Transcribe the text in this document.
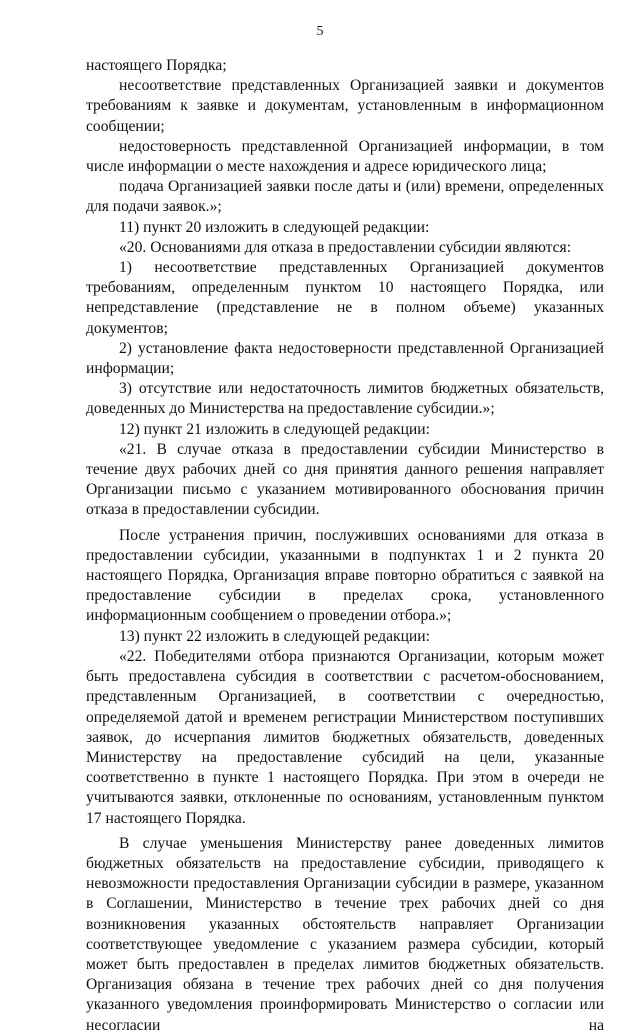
5

настоящего Порядка;

несоответствие представленных Организацией заявки и документов требованиям к заявке и документам, установленным в информационном сообщении;

недостоверность представленной Организацией информации, в том числе информации о месте нахождения и адресе юридического лица;

подача Организацией заявки после даты и (или) времени, определенных для подачи заявок.»;

11) пункт 20 изложить в следующей редакции:

«20. Основаниями для отказа в предоставлении субсидии являются:

1) несоответствие представленных Организацией документов требованиям, определенным пунктом 10 настоящего Порядка, или непредставление (представление не в полном объеме) указанных документов;

2) установление факта недостоверности представленной Организацией информации;

3) отсутствие или недостаточность лимитов бюджетных обязательств, доведенных до Министерства на предоставление субсидии.»;

12) пункт 21 изложить в следующей редакции:

«21. В случае отказа в предоставлении субсидии Министерство в течение двух рабочих дней со дня принятия данного решения направляет Организации письмо с указанием мотивированного обоснования причин отказа в предоставлении субсидии.

После устранения причин, послуживших основаниями для отказа в предоставлении субсидии, указанными в подпунктах 1 и 2 пункта 20 настоящего Порядка, Организация вправе повторно обратиться с заявкой на предоставление субсидии в пределах срока, установленного информационным сообщением о проведении отбора.»;

13) пункт 22 изложить в следующей редакции:

«22. Победителями отбора признаются Организации, которым может быть предоставлена субсидия в соответствии с расчетом-обоснованием, представленным Организацией, в соответствии с очередностью, определяемой датой и временем регистрации Министерством поступивших заявок, до исчерпания лимитов бюджетных обязательств, доведенных Министерству на предоставление субсидий на цели, указанные соответственно в пункте 1 настоящего Порядка. При этом в очереди не учитываются заявки, отклоненные по основаниям, установленным пунктом 17 настоящего Порядка.

В случае уменьшения Министерству ранее доведенных лимитов бюджетных обязательств на предоставление субсидии, приводящего к невозможности предоставления Организации субсидии в размере, указанном в Соглашении, Министерство в течение трех рабочих дней со дня возникновения указанных обстоятельств направляет Организации соответствующее уведомление с указанием размера субсидии, который может быть предоставлен в пределах лимитов бюджетных обязательств. Организация обязана в течение трех рабочих дней со дня получения указанного уведомления проинформировать Министерство о согласии или несогласии на
